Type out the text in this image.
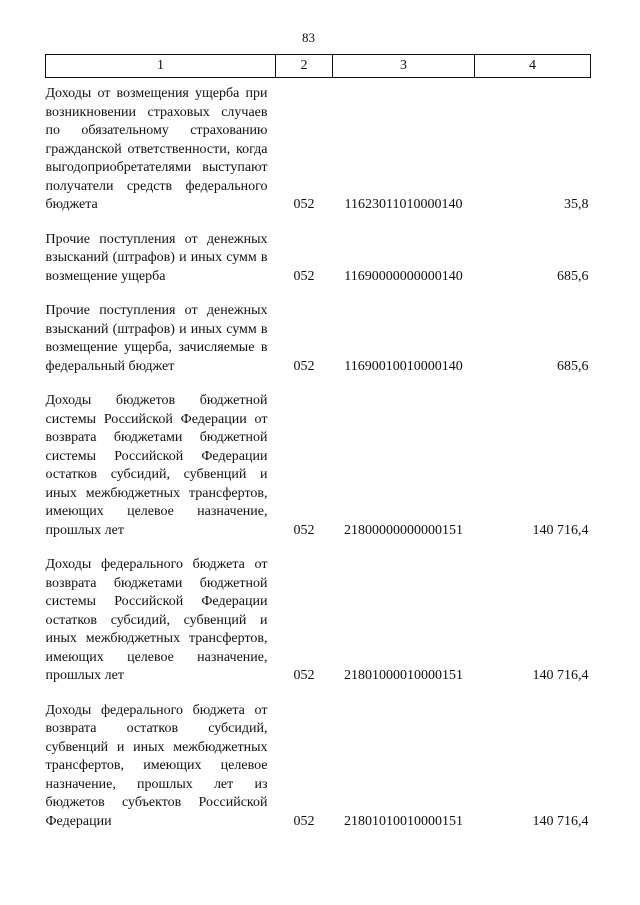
83
1	2	3	4
Доходы от возмещения ущерба при возникновении страховых случаев по обязательному страхованию гражданской ответственности, когда выгодоприобретателями выступают получатели средств федерального бюджета	052	11623011010000140	35,8
Прочие поступления от денежных взысканий (штрафов) и иных сумм в возмещение ущерба	052	11690000000000140	685,6
Прочие поступления от денежных взысканий (штрафов) и иных сумм в возмещение ущерба, зачисляемые в федеральный бюджет	052	11690010010000140	685,6
Доходы бюджетов бюджетной системы Российской Федерации от возврата бюджетами бюджетной системы Российской Федерации остатков субсидий, субвенций и иных межбюджетных трансфертов, имеющих целевое назначение, прошлых лет	052	21800000000000151	140 716,4
Доходы федерального бюджета от возврата бюджетами бюджетной системы Российской Федерации остатков субсидий, субвенций и иных межбюджетных трансфертов, имеющих целевое назначение, прошлых лет	052	21801000010000151	140 716,4
Доходы федерального бюджета от возврата остатков субсидий, субвенций и иных межбюджетных трансфертов, имеющих целевое назначение, прошлых лет из бюджетов субъектов Российской Федерации	052	21801010010000151	140 716,4
